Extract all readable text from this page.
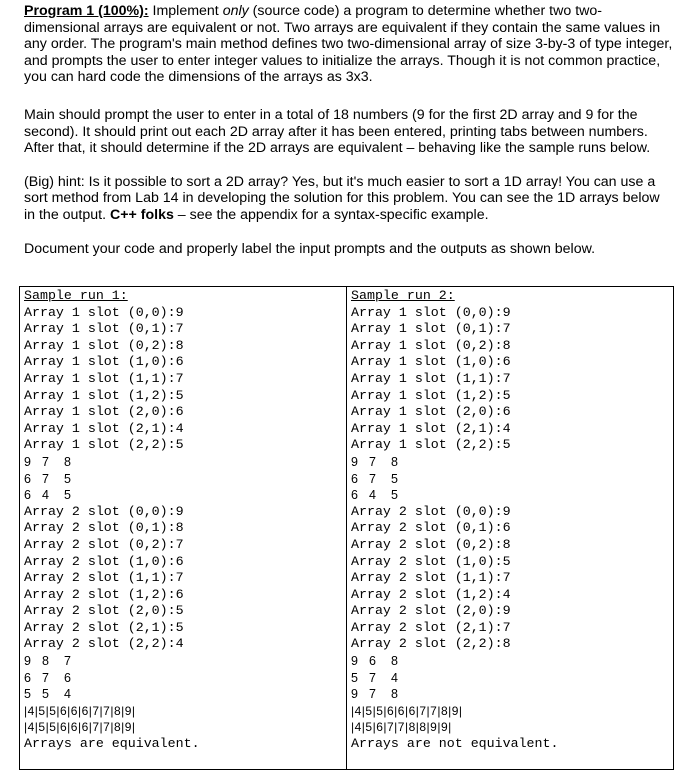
Program 1 (100%): Implement only (source code) a program to determine whether two two-dimensional arrays are equivalent or not. Two arrays are equivalent if they contain the same values in any order. The program's main method defines two two-dimensional array of size 3-by-3 of type integer, and prompts the user to enter integer values to initialize the arrays. Though it is not common practice, you can hard code the dimensions of the arrays as 3x3.

Main should prompt the user to enter in a total of 18 numbers (9 for the first 2D array and 9 for the second). It should print out each 2D array after it has been entered, printing tabs between numbers. After that, it should determine if the 2D arrays are equivalent – behaving like the sample runs below.

(Big) hint: Is it possible to sort a 2D array? Yes, but it's much easier to sort a 1D array! You can use a sort method from Lab 14 in developing the solution for this problem. You can see the 1D arrays below in the output. C++ folks – see the appendix for a syntax-specific example.

Document your code and properly label the input prompts and the outputs as shown below.

Sample run 1:
Array 1 slot (0,0):9
Array 1 slot (0,1):7
Array 1 slot (0,2):8
Array 1 slot (1,0):6
Array 1 slot (1,1):7
Array 1 slot (1,2):5
Array 1 slot (2,0):6
Array 1 slot (2,1):4
Array 1 slot (2,2):5
9 7 8
6 7 5
6 4 5
Array 2 slot (0,0):9
Array 2 slot (0,1):8
Array 2 slot (0,2):7
Array 2 slot (1,0):6
Array 2 slot (1,1):7
Array 2 slot (1,2):6
Array 2 slot (2,0):5
Array 2 slot (2,1):5
Array 2 slot (2,2):4
9 8 7
6 7 6
5 5 4
|4|5|5|6|6|6|7|7|8|9|
|4|5|5|6|6|6|7|7|8|9|
Arrays are equivalent.
Sample run 2:
Array 1 slot (0,0):9
Array 1 slot (0,1):7
Array 1 slot (0,2):8
Array 1 slot (1,0):6
Array 1 slot (1,1):7
Array 1 slot (1,2):5
Array 1 slot (2,0):6
Array 1 slot (2,1):4
Array 1 slot (2,2):5
9 7 8
6 7 5
6 4 5
Array 2 slot (0,0):9
Array 2 slot (0,1):6
Array 2 slot (0,2):8
Array 2 slot (1,0):5
Array 2 slot (1,1):7
Array 2 slot (1,2):4
Array 2 slot (2,0):9
Array 2 slot (2,1):7
Array 2 slot (2,2):8
9 6 8
5 7 4
9 7 8
|4|5|5|6|6|6|7|7|8|9|
|4|5|6|7|7|8|8|9|9|
Arrays are not equivalent.
